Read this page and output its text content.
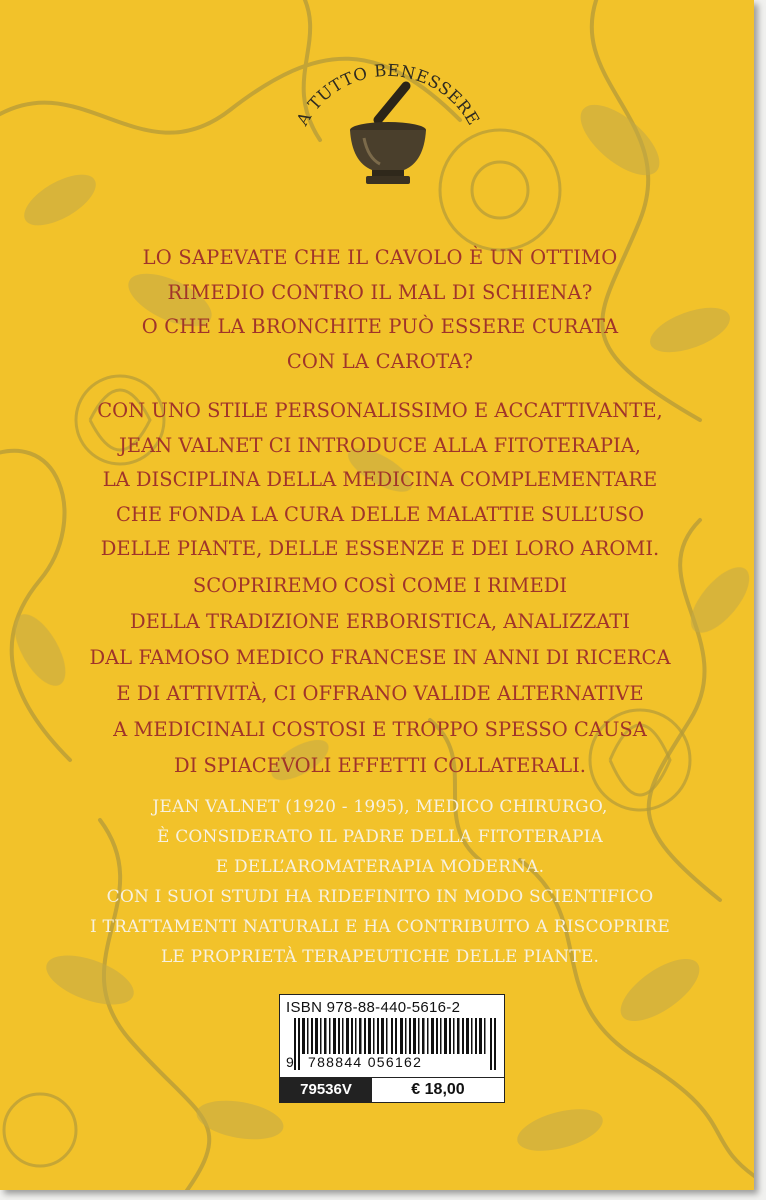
A TUTTO BENESSERE
LO SAPEVATE CHE IL CAVOLO È UN OTTIMO
RIMEDIO CONTRO IL MAL DI SCHIENA?
O CHE LA BRONCHITE PUÒ ESSERE CURATA
CON LA CAROTA?
CON UNO STILE PERSONALISSIMO E ACCATTIVANTE,
JEAN VALNET CI INTRODUCE ALLA FITOTERAPIA,
LA DISCIPLINA DELLA MEDICINA COMPLEMENTARE
CHE FONDA LA CURA DELLE MALATTIE SULL’USO
DELLE PIANTE, DELLE ESSENZE E DEI LORO AROMI.
SCOPRIREMO COSÌ COME I RIMEDI
DELLA TRADIZIONE ERBORISTICA, ANALIZZATI
DAL FAMOSO MEDICO FRANCESE IN ANNI DI RICERCA
E DI ATTIVITÀ, CI OFFRANO VALIDE ALTERNATIVE
A MEDICINALI COSTOSI E TROPPO SPESSO CAUSA
DI SPIACEVOLI EFFETTI COLLATERALI.
JEAN VALNET (1920 - 1995), MEDICO CHIRURGO,
È CONSIDERATO IL PADRE DELLA FITOTERAPIA
E DELL’AROMATERAPIA MODERNA.
CON I SUOI STUDI HA RIDEFINITO IN MODO SCIENTIFICO
I TRATTAMENTI NATURALI E HA CONTRIBUITO A RISCOPRIRE
LE PROPRIETÀ TERAPEUTICHE DELLE PIANTE.
ISBN 978-88-440-5616-2
9 788844 056162
79536V	€ 18,00
